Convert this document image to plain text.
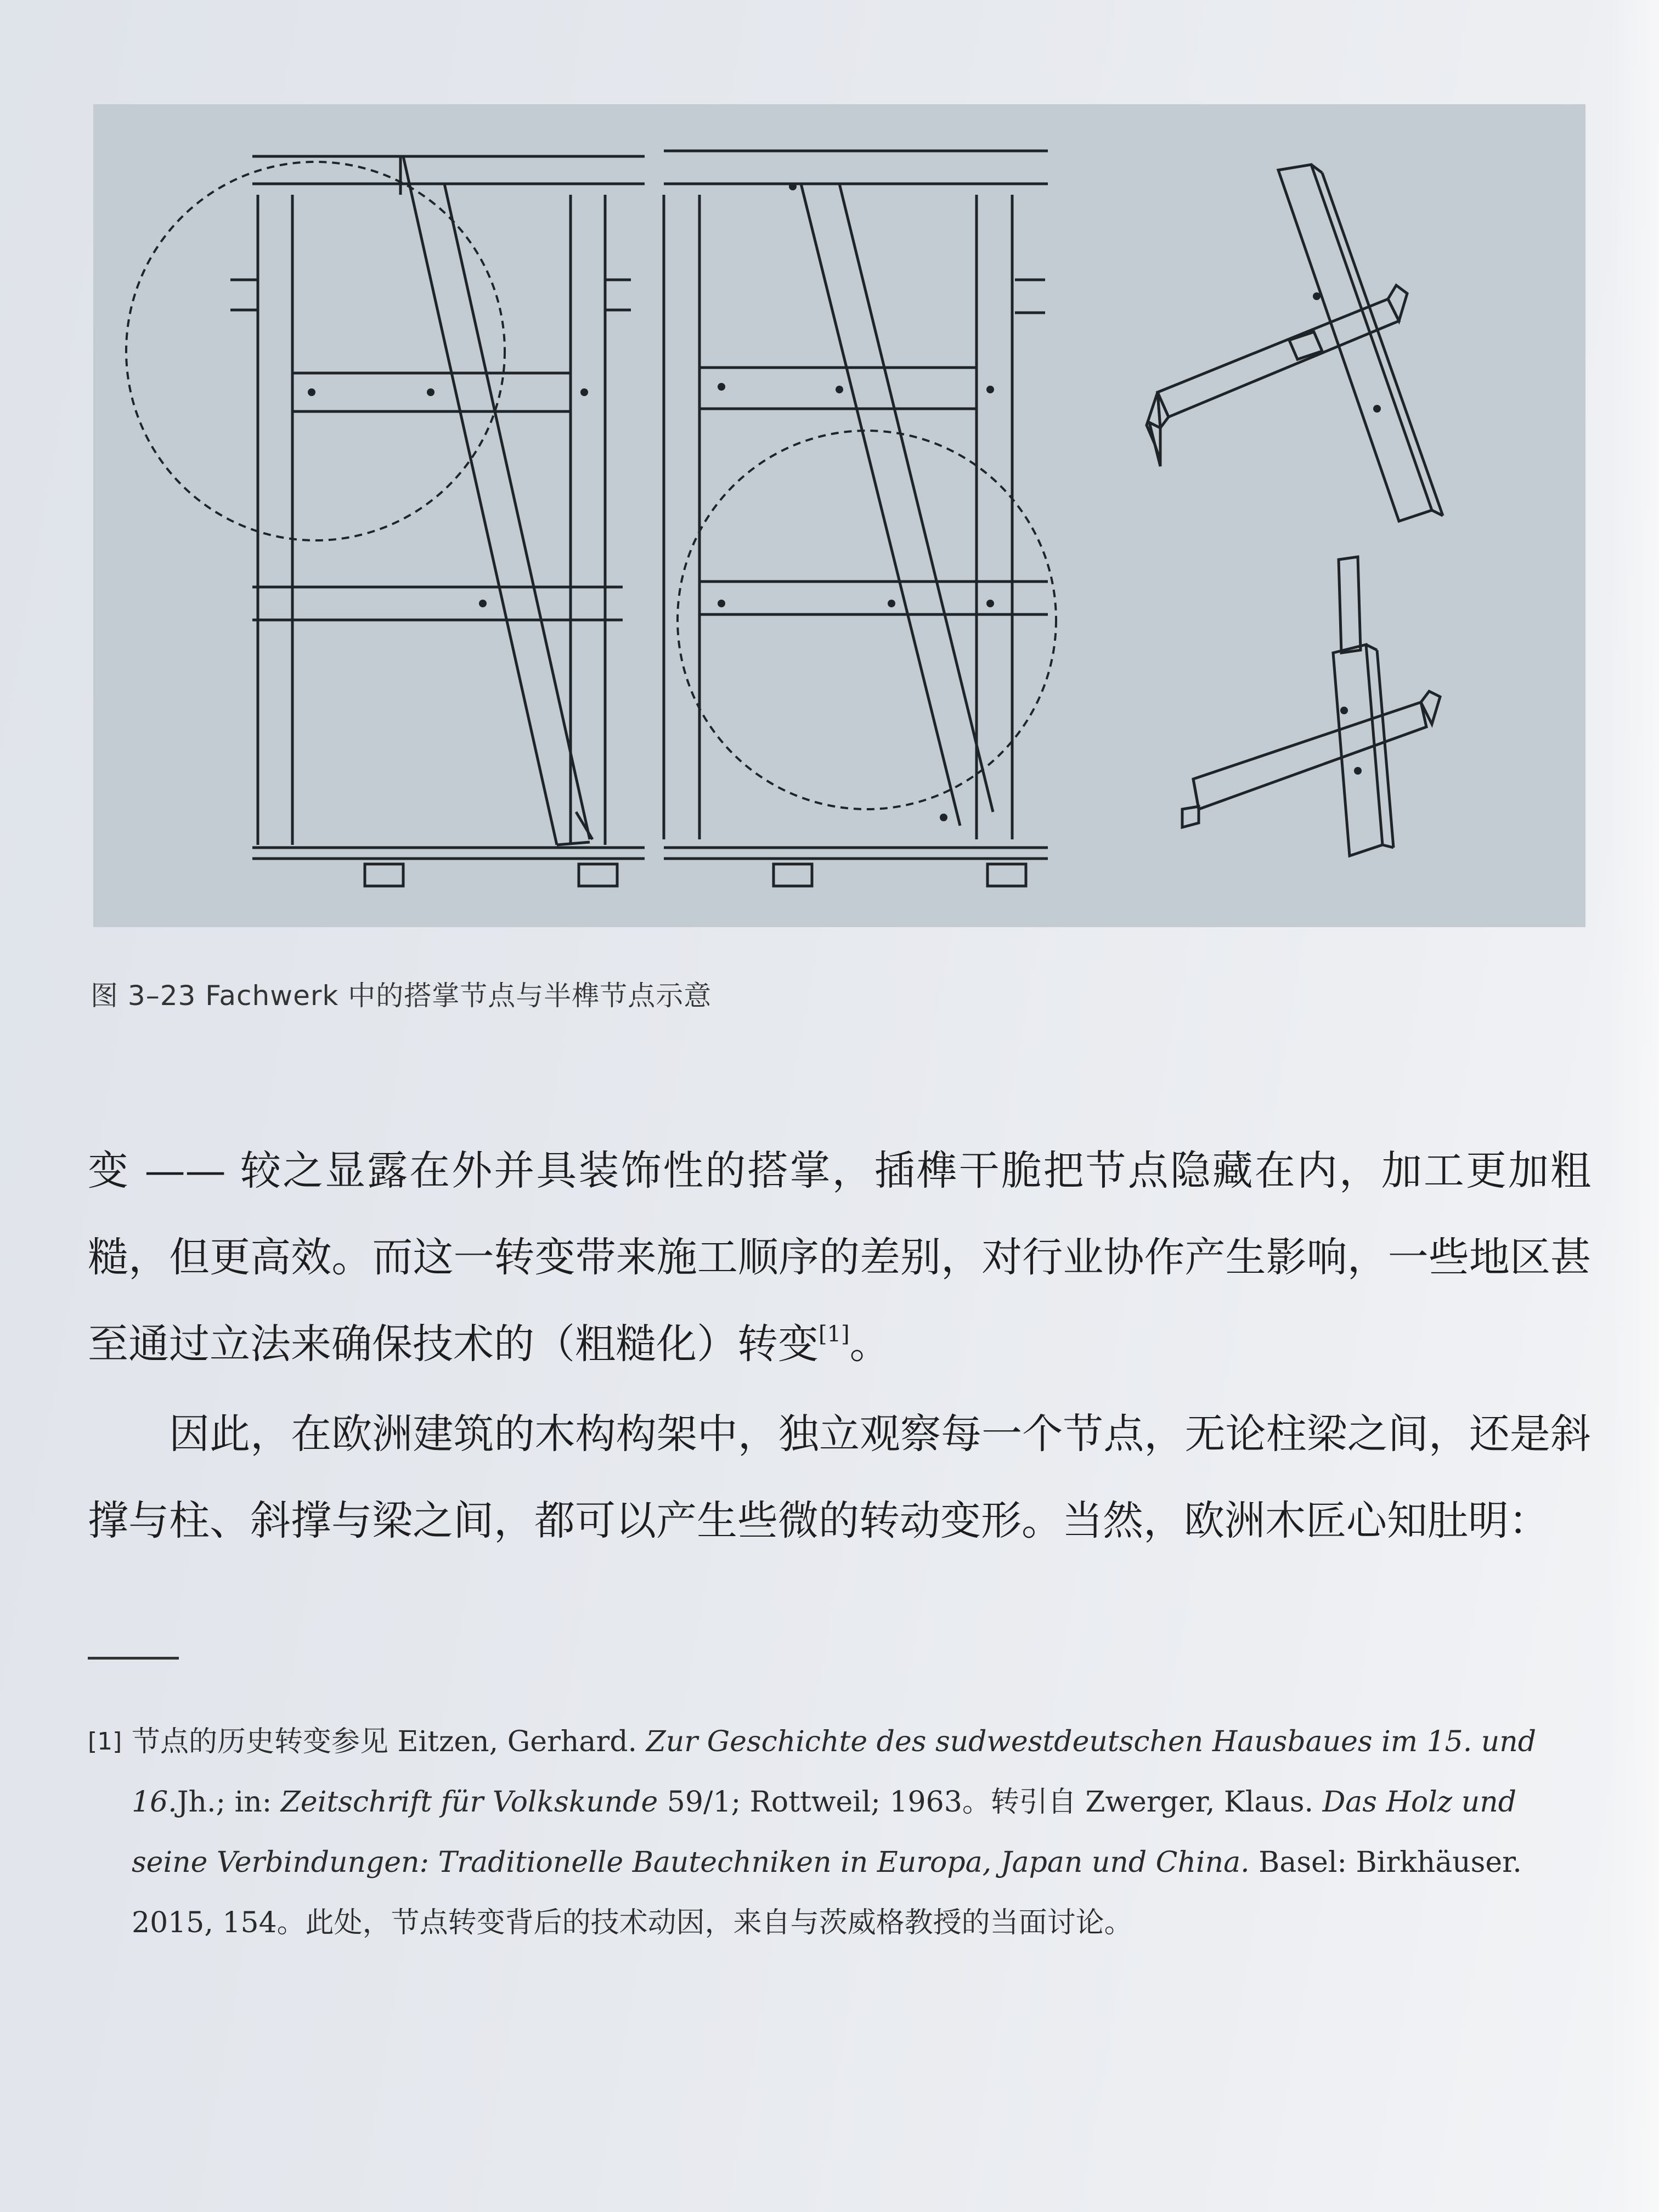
图 3–23 Fachwerk 中的搭掌节点与半榫节点示意

变 —— 较之显露在外并具装饰性的搭掌，插榫干脆把节点隐藏在内，加工更加粗糙，但更高效。而这一转变带来施工顺序的差别，对行业协作产生影响，一些地区甚至通过立法来确保技术的（粗糙化）转变[1]。

因此，在欧洲建筑的木构构架中，独立观察每一个节点，无论柱梁之间，还是斜撑与柱、斜撑与梁之间，都可以产生些微的转动变形。当然，欧洲木匠心知肚明：

[1] 节点的历史转变参见 Eitzen, Gerhard. Zur Geschichte des sudwestdeutschen Hausbaues im 15. und 16.Jh.; in: Zeitschrift für Volkskunde 59/1; Rottweil; 1963。转引自 Zwerger, Klaus. Das Holz und seine Verbindungen: Traditionelle Bautechniken in Europa, Japan und China. Basel: Birkhäuser. 2015, 154。此处，节点转变背后的技术动因，来自与茨威格教授的当面讨论。
